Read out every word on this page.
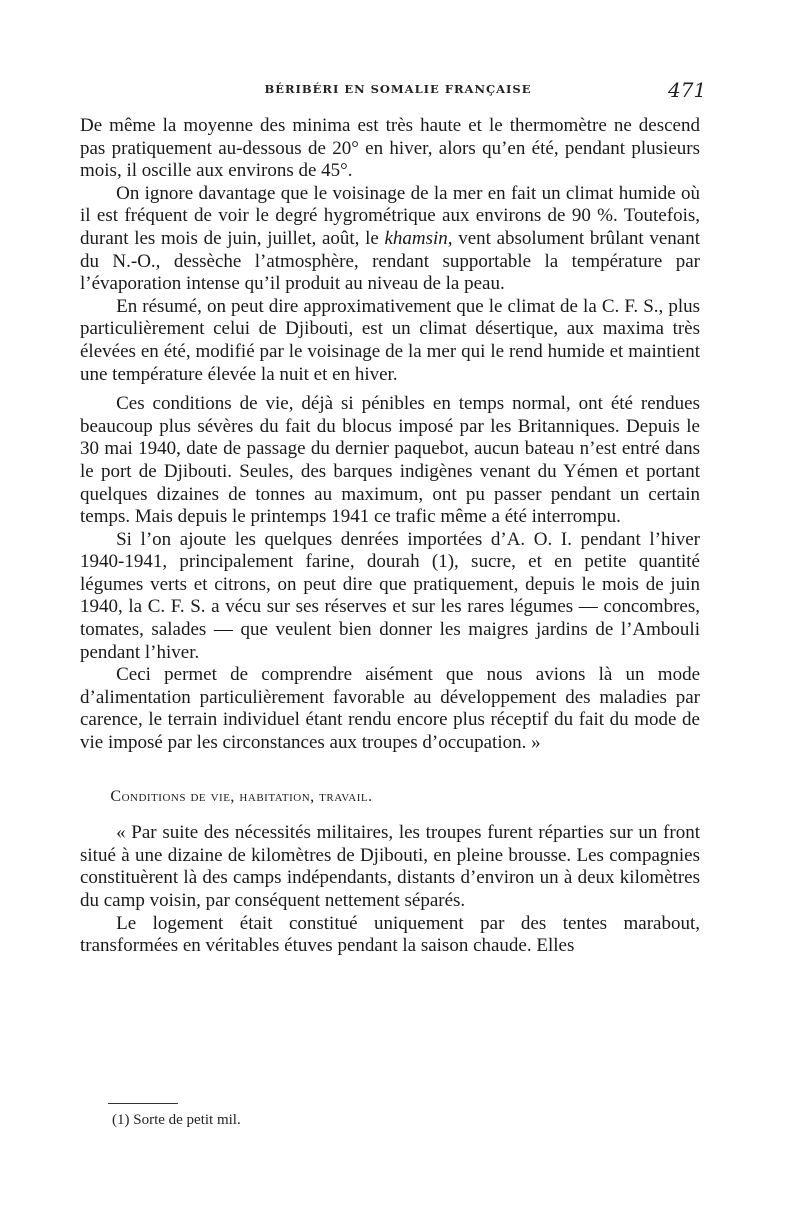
BÉRIBÉRI EN SOMALIE FRANÇAISE	471

De même la moyenne des minima est très haute et le thermomètre ne descend pas pratiquement au-dessous de 20° en hiver, alors qu’en été, pendant plusieurs mois, il oscille aux environs de 45°.

On ignore davantage que le voisinage de la mer en fait un climat humide où il est fréquent de voir le degré hygrométrique aux environs de 90 %. Toutefois, durant les mois de juin, juillet, août, le khamsin, vent absolument brûlant venant du N.-O., dessèche l’atmosphère, rendant supportable la température par l’évaporation intense qu’il produit au niveau de la peau.

En résumé, on peut dire approximativement que le climat de la C. F. S., plus particulièrement celui de Djibouti, est un climat désertique, aux maxima très élevées en été, modifié par le voisinage de la mer qui le rend humide et maintient une température élevée la nuit et en hiver.

Ces conditions de vie, déjà si pénibles en temps normal, ont été rendues beaucoup plus sévères du fait du blocus imposé par les Britanniques. Depuis le 30 mai 1940, date de passage du dernier paquebot, aucun bateau n’est entré dans le port de Djibouti. Seules, des barques indigènes venant du Yémen et portant quelques dizaines de tonnes au maximum, ont pu passer pendant un certain temps. Mais depuis le printemps 1941 ce trafic même a été interrompu.

Si l’on ajoute les quelques denrées importées d’A. O. I. pendant l’hiver 1940-1941, principalement farine, dourah (1), sucre, et en petite quantité légumes verts et citrons, on peut dire que pratiquement, depuis le mois de juin 1940, la C. F. S. a vécu sur ses réserves et sur les rares légumes — concombres, tomates, salades — que veulent bien donner les maigres jardins de l’Ambouli pendant l’hiver.

Ceci permet de comprendre aisément que nous avions là un mode d’alimentation particulièrement favorable au développement des maladies par carence, le terrain individuel étant rendu encore plus réceptif du fait du mode de vie imposé par les circonstances aux troupes d’occupation. »

Conditions de vie, habitation, travail.

« Par suite des nécessités militaires, les troupes furent réparties sur un front situé à une dizaine de kilomètres de Djibouti, en pleine brousse. Les compagnies constituèrent là des camps indépendants, distants d’environ un à deux kilomètres du camp voisin, par conséquent nettement séparés.

Le logement était constitué uniquement par des tentes marabout, transformées en véritables étuves pendant la saison chaude. Elles

(1) Sorte de petit mil.
